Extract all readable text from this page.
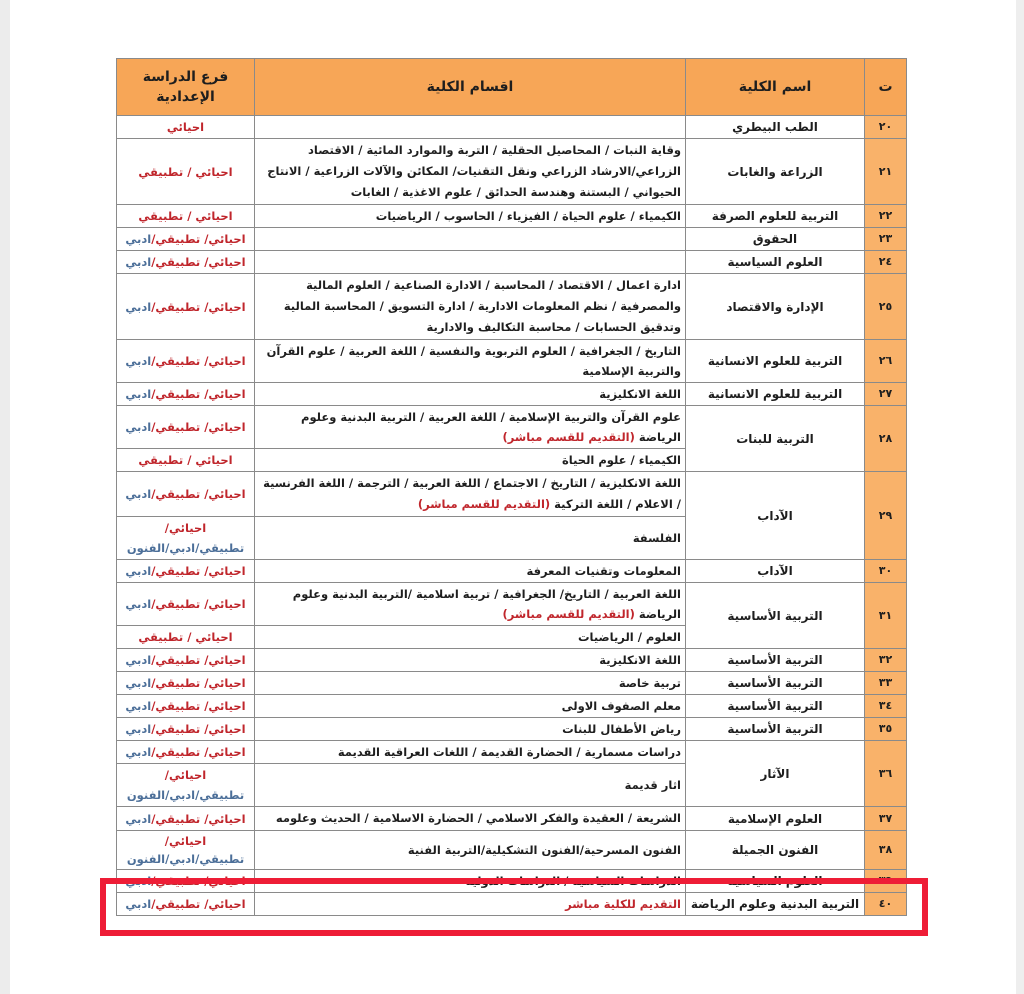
ت	اسم الكلية	اقسام الكلية	فرع الدراسة الإعدادية
٢٠	الطب البيطري		احيائي
٢١	الزراعة والغابات	وقاية النبات / المحاصيل الحقلية / التربة والموارد المائية / الاقتصاد الزراعي/الارشاد الزراعي ونقل التقنيات/ المكائن والآلات الزراعية / الانتاج الحيواني / البستنة وهندسة الحدائق / علوم الاغذية / الغابات	احيائي / تطبيقي
٢٢	التربية للعلوم الصرفة	الكيمياء / علوم الحياة / الفيزياء / الحاسوب / الرياضيات	احيائي / تطبيقي
٢٣	الحقوق		احيائي/ تطبيقي/ادبي
٢٤	العلوم السياسية		احيائي/ تطبيقي/ادبي
٢٥	الإدارة والاقتصاد	ادارة اعمال / الاقتصاد / المحاسبة / الادارة الصناعية / العلوم المالية والمصرفية / نظم المعلومات الادارية / ادارة التسويق / المحاسبة المالية وتدقيق الحسابات / محاسبة التكاليف والادارية	احيائي/ تطبيقي/ادبي
٢٦	التربية للعلوم الانسانية	التاريخ / الجغرافية / العلوم التربوية والنفسية / اللغة العربية / علوم القرآن والتربية الإسلامية	احيائي/ تطبيقي/ادبي
٢٧	التربية للعلوم الانسانية	اللغة الانكليزية	احيائي/ تطبيقي/ادبي
٢٨	التربية للبنات	علوم القرآن والتربية الإسلامية / اللغة العربية / التربية البدنية وعلوم الرياضة (التقديم للقسم مباشر)	احيائي/ تطبيقي/ادبي
		الكيمياء / علوم الحياة	احيائي / تطبيقي
٢٩	الآداب	اللغة الانكليزية / التاريخ / الاجتماع / اللغة العربية / الترجمة / اللغة الفرنسية / الاعلام / اللغة التركية (التقديم للقسم مباشر)	احيائي/ تطبيقي/ادبي
		الفلسفة	احيائي/
تطبيقي/ادبي/الفنون
٣٠	الآداب	المعلومات وتقنيات المعرفة	احيائي/ تطبيقي/ادبي
٣١	التربية الأساسية	اللغة العربية / التاريخ/ الجغرافية / تربية اسلامية /التربية البدنية وعلوم الرياضة (التقديم للقسم مباشر)	احيائي/ تطبيقي/ادبي
		العلوم / الرياضيات	احيائي / تطبيقي
٣٢	التربية الأساسية	اللغة الانكليزية	احيائي/ تطبيقي/ادبي
٣٣	التربية الأساسية	تربية خاصة	احيائي/ تطبيقي/ادبي
٣٤	التربية الأساسية	معلم الصفوف الاولى	احيائي/ تطبيقي/ادبي
٣٥	التربية الأساسية	رياض الأطفال للبنات	احيائي/ تطبيقي/ادبي
٣٦	الآثار	دراسات مسمارية / الحضارة القديمة / اللغات العراقية القديمة	احيائي/ تطبيقي/ادبي
		اثار قديمة	احيائي/
تطبيقي/ادبي/الفنون
٣٧	العلوم الإسلامية	الشريعة / العقيدة والفكر الاسلامي / الحضارة الاسلامية / الحديث وعلومه	احيائي/ تطبيقي/ادبي
٣٨	الفنون الجميلة	الفنون المسرحية/الفنون التشكيلية/التربية الفنية	احيائي/
تطبيقي/ادبي/الفنون
٣٩	العلوم السياسية	الدراسات السياسية / الدراسات الدولية	احيائي/ تطبيقي/ادبي
٤٠	التربية البدنية وعلوم الرياضة	التقديم للكلية مباشر	احيائي/ تطبيقي/ادبي
